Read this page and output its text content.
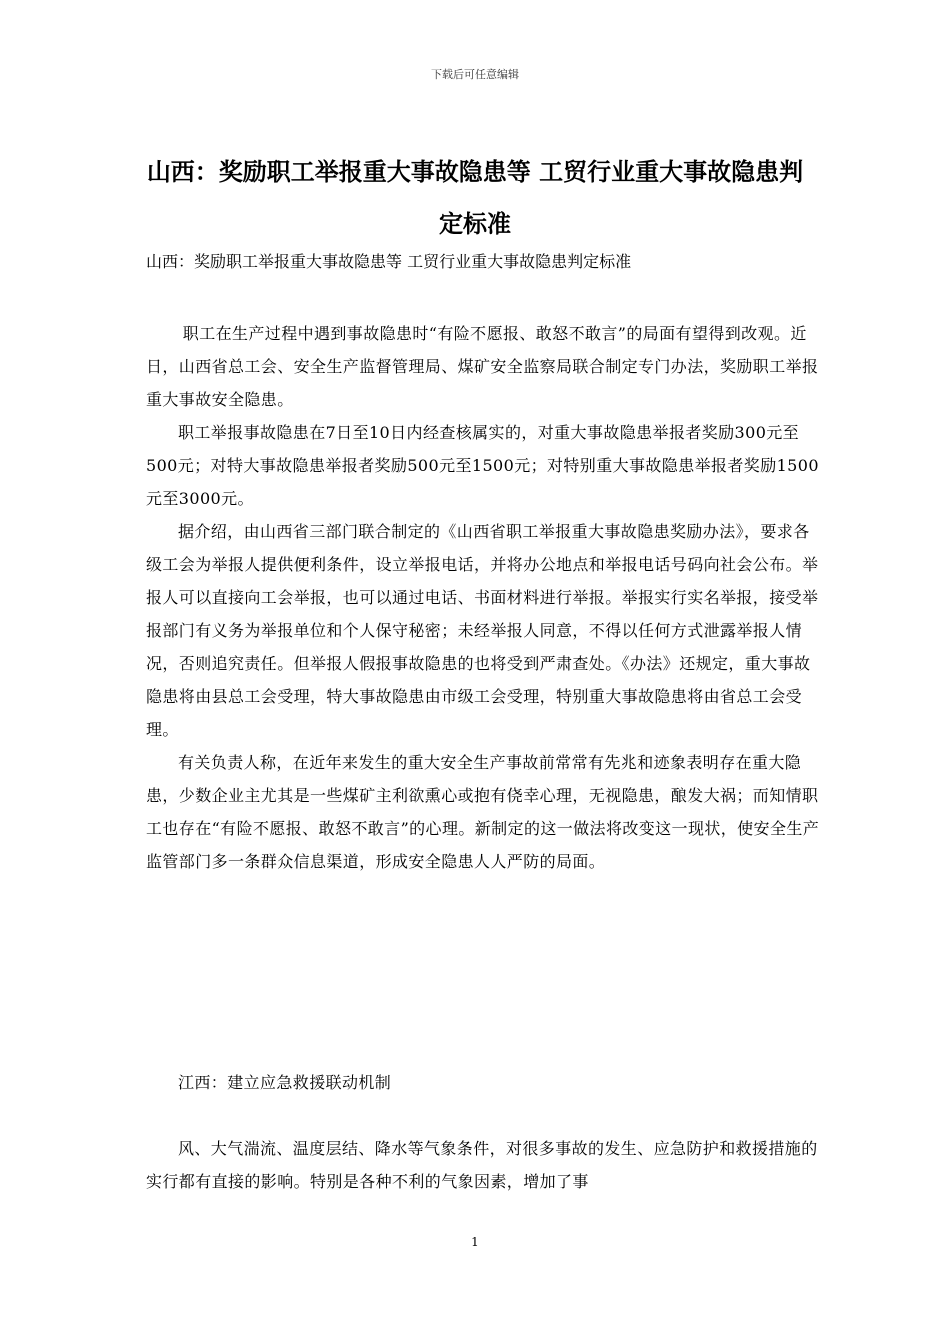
下载后可任意编辑
山西：奖励职工举报重大事故隐患等 工贸行业重大事故隐患判定标准

山西：奖励职工举报重大事故隐患等 工贸行业重大事故隐患判定标准

职工在生产过程中遇到事故隐患时“有险不愿报、敢怒不敢言”的局面有望得到改观。近日，山西省总工会、安全生产监督管理局、煤矿安全监察局联合制定专门办法，奖励职工举报重大事故安全隐患。

职工举报事故隐患在7日至10日内经查核属实的，对重大事故隐患举报者奖励300元至500元；对特大事故隐患举报者奖励500元至1500元；对特别重大事故隐患举报者奖励1500元至3000元。

据介绍，由山西省三部门联合制定的《山西省职工举报重大事故隐患奖励办法》，要求各级工会为举报人提供便利条件，设立举报电话，并将办公地点和举报电话号码向社会公布。举报人可以直接向工会举报，也可以通过电话、书面材料进行举报。举报实行实名举报，接受举报部门有义务为举报单位和个人保守秘密；未经举报人同意，不得以任何方式泄露举报人情况，否则追究责任。但举报人假报事故隐患的也将受到严肃查处。《办法》还规定，重大事故隐患将由县总工会受理，特大事故隐患由市级工会受理，特别重大事故隐患将由省总工会受理。

有关负责人称，在近年来发生的重大安全生产事故前常常有先兆和迹象表明存在重大隐患，少数企业主尤其是一些煤矿主利欲熏心或抱有侥幸心理，无视隐患，酿发大祸；而知情职工也存在“有险不愿报、敢怒不敢言”的心理。新制定的这一做法将改变这一现状，使安全生产监管部门多一条群众信息渠道，形成安全隐患人人严防的局面。

江西：建立应急救援联动机制

风、大气湍流、温度层结、降水等气象条件，对很多事故的发生、应急防护和救援措施的实行都有直接的影响。特别是各种不利的气象因素，增加了事

1
